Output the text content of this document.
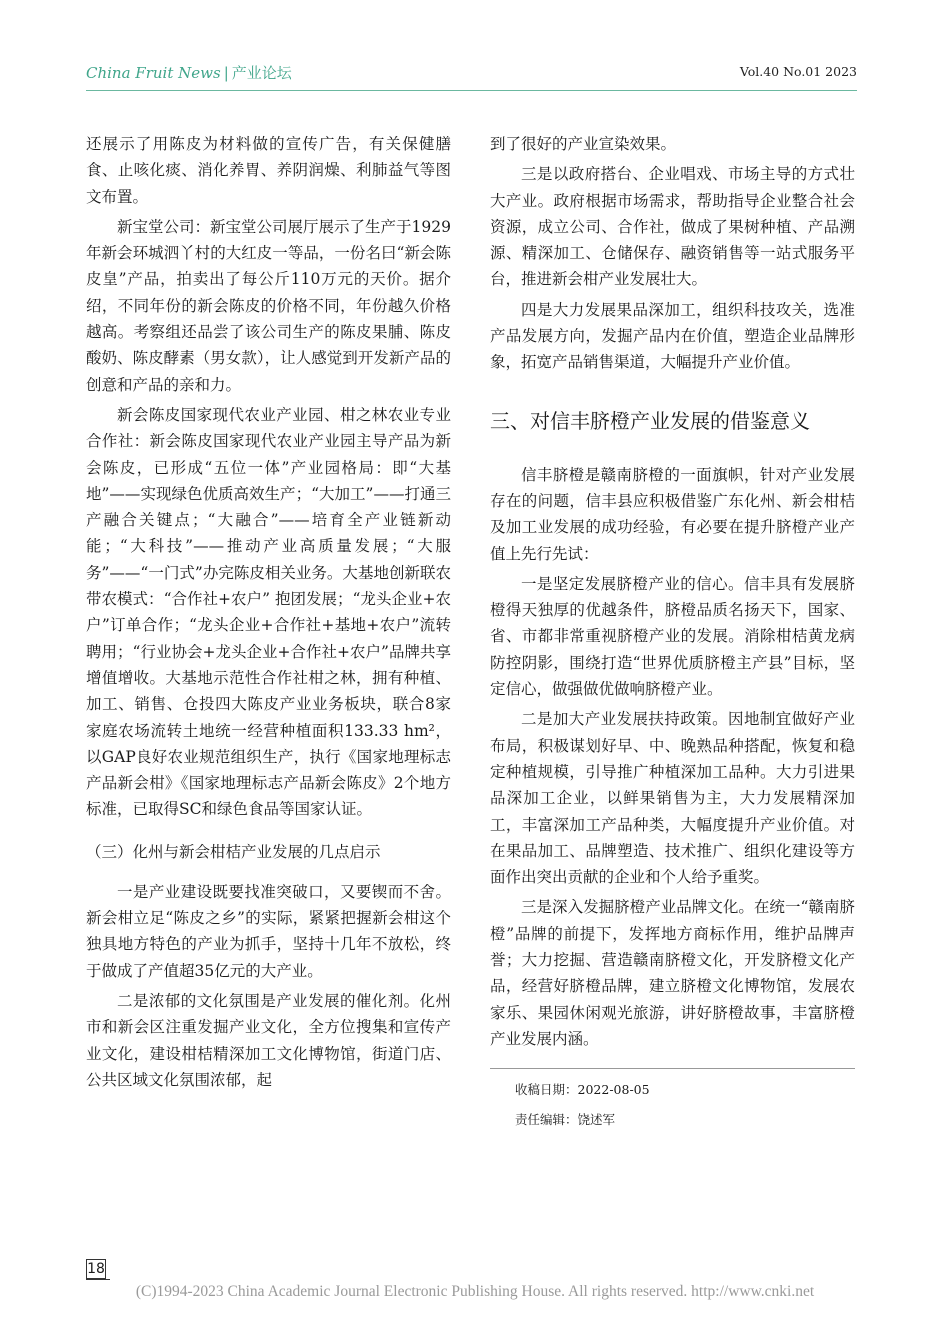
China Fruit News | 产业论坛	Vol.40 No.01 2023

还展示了用陈皮为材料做的宣传广告，有关保健膳食、止咳化痰、消化养胃、养阴润燥、利肺益气等图文布置。

新宝堂公司：新宝堂公司展厅展示了生产于1929年新会环城泗丫村的大红皮一等品，一份名曰“新会陈皮皇”产品，拍卖出了每公斤110万元的天价。据介绍，不同年份的新会陈皮的价格不同，年份越久价格越高。考察组还品尝了该公司生产的陈皮果脯、陈皮酸奶、陈皮酵素（男女款），让人感觉到开发新产品的创意和产品的亲和力。

新会陈皮国家现代农业产业园、柑之林农业专业合作社：新会陈皮国家现代农业产业园主导产品为新会陈皮，已形成“五位一体”产业园格局：即“大基地”——实现绿色优质高效生产；“大加工”——打通三产融合关键点；“大融合”——培育全产业链新动能；“大科技”——推动产业高质量发展；“大服务”——“一门式”办完陈皮相关业务。大基地创新联农带农模式：“合作社+农户” 抱团发展；“龙头企业+农户”订单合作；“龙头企业+合作社+基地+农户”流转聘用；“行业协会+龙头企业+合作社+农户”品牌共享增值增收。大基地示范性合作社柑之林，拥有种植、加工、销售、仓投四大陈皮产业业务板块，联合8家家庭农场流转土地统一经营种植面积133.33 hm²，以GAP良好农业规范组织生产，执行《国家地理标志产品新会柑》《国家地理标志产品新会陈皮》2个地方标准，已取得SC和绿色食品等国家认证。

（三）化州与新会柑桔产业发展的几点启示

一是产业建设既要找准突破口，又要锲而不舍。新会柑立足“陈皮之乡”的实际，紧紧把握新会柑这个独具地方特色的产业为抓手，坚持十几年不放松，终于做成了产值超35亿元的大产业。

二是浓郁的文化氛围是产业发展的催化剂。化州市和新会区注重发掘产业文化，全方位搜集和宣传产业文化，建设柑桔精深加工文化博物馆，街道门店、公共区域文化氛围浓郁，起

到了很好的产业宣染效果。

三是以政府搭台、企业唱戏、市场主导的方式壮大产业。政府根据市场需求，帮助指导企业整合社会资源，成立公司、合作社，做成了果树种植、产品溯源、精深加工、仓储保存、融资销售等一站式服务平台，推进新会柑产业发展壮大。

四是大力发展果品深加工，组织科技攻关，选准产品发展方向，发掘产品内在价值，塑造企业品牌形象，拓宽产品销售渠道，大幅提升产业价值。

三、对信丰脐橙产业发展的借鉴意义

信丰脐橙是赣南脐橙的一面旗帜，针对产业发展存在的问题，信丰县应积极借鉴广东化州、新会柑桔及加工业发展的成功经验，有必要在提升脐橙产业产值上先行先试：

一是坚定发展脐橙产业的信心。信丰具有发展脐橙得天独厚的优越条件，脐橙品质名扬天下，国家、省、市都非常重视脐橙产业的发展。消除柑桔黄龙病防控阴影，围绕打造“世界优质脐橙主产县”目标，坚定信心，做强做优做响脐橙产业。

二是加大产业发展扶持政策。因地制宜做好产业布局，积极谋划好早、中、晚熟品种搭配，恢复和稳定种植规模，引导推广种植深加工品种。大力引进果品深加工企业，以鲜果销售为主，大力发展精深加工，丰富深加工产品种类，大幅度提升产业价值。对在果品加工、品牌塑造、技术推广、组织化建设等方面作出突出贡献的企业和个人给予重奖。

三是深入发掘脐橙产业品牌文化。在统一“赣南脐橙”品牌的前提下，发挥地方商标作用，维护品牌声誉；大力挖掘、营造赣南脐橙文化，开发脐橙文化产品，经营好脐橙品牌，建立脐橙文化博物馆，发展农家乐、果园休闲观光旅游，讲好脐橙故事，丰富脐橙产业发展内涵。

收稿日期：2022-08-05

责任编辑：饶述军

18
(C)1994-2023 China Academic Journal Electronic Publishing House. All rights reserved. http://www.cnki.net
